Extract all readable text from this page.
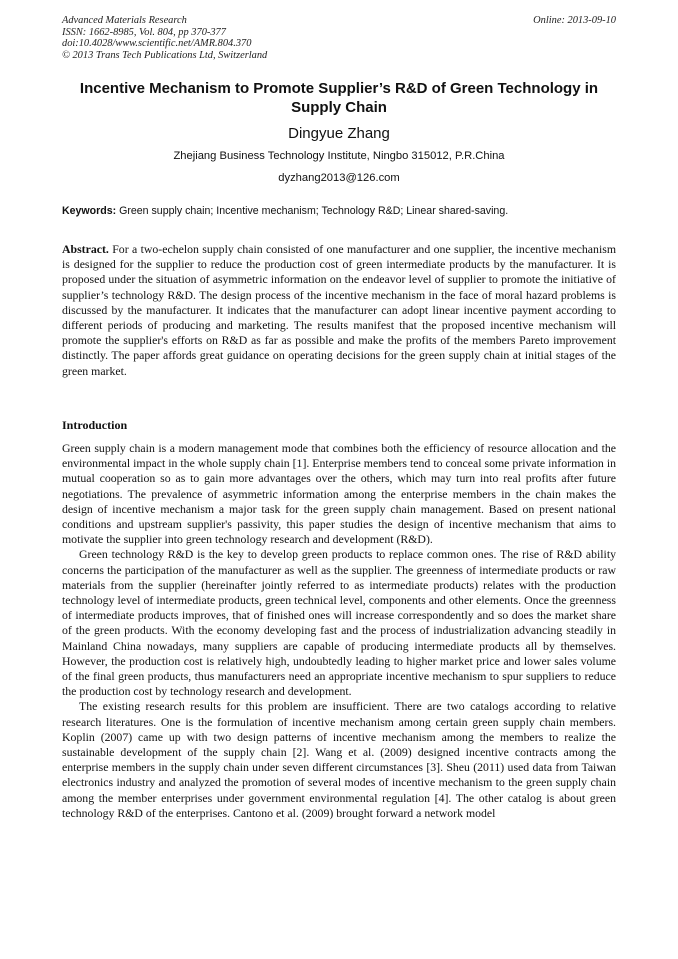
Advanced Materials Research
ISSN: 1662-8985, Vol. 804, pp 370-377
doi:10.4028/www.scientific.net/AMR.804.370
© 2013 Trans Tech Publications Ltd, Switzerland
Online: 2013-09-10
Incentive Mechanism to Promote Supplier’s R&D of Green Technology in Supply Chain
Dingyue Zhang
Zhejiang Business Technology Institute, Ningbo 315012, P.R.China
dyzhang2013@126.com
Keywords: Green supply chain; Incentive mechanism; Technology R&D; Linear shared-saving.

Abstract. For a two-echelon supply chain consisted of one manufacturer and one supplier, the incentive mechanism is designed for the supplier to reduce the production cost of green intermediate products by the manufacturer. It is proposed under the situation of asymmetric information on the endeavor level of supplier to promote the initiative of supplier’s technology R&D. The design process of the incentive mechanism in the face of moral hazard problems is discussed by the manufacturer. It indicates that the manufacturer can adopt linear incentive payment according to different periods of producing and marketing. The results manifest that the proposed incentive mechanism will promote the supplier's efforts on R&D as far as possible and make the profits of the members Pareto improvement distinctly. The paper affords great guidance on operating decisions for the green supply chain at initial stages of the green market.

Introduction

Green supply chain is a modern management mode that combines both the efficiency of resource allocation and the environmental impact in the whole supply chain [1]. Enterprise members tend to conceal some private information in mutual cooperation so as to gain more advantages over the others, which may turn into real profits after future negotiations. The prevalence of asymmetric information among the enterprise members in the chain makes the design of incentive mechanism a major task for the green supply chain management. Based on present national conditions and upstream supplier's passivity, this paper studies the design of incentive mechanism that aims to motivate the supplier into green technology research and development (R&D).

Green technology R&D is the key to develop green products to replace common ones. The rise of R&D ability concerns the participation of the manufacturer as well as the supplier. The greenness of intermediate products or raw materials from the supplier (hereinafter jointly referred to as intermediate products) relates with the production technology level of intermediate products, green technical level, components and other elements. Once the greenness of intermediate products improves, that of finished ones will increase correspondently and so does the market share of the green products. With the economy developing fast and the process of industrialization advancing steadily in Mainland China nowadays, many suppliers are capable of producing intermediate products all by themselves. However, the production cost is relatively high, undoubtedly leading to higher market price and lower sales volume of the final green products, thus manufacturers need an appropriate incentive mechanism to spur suppliers to reduce the production cost by technology research and development.

The existing research results for this problem are insufficient. There are two catalogs according to relative research literatures. One is the formulation of incentive mechanism among certain green supply chain members. Koplin (2007) came up with two design patterns of incentive mechanism among the members to realize the sustainable development of the supply chain [2]. Wang et al. (2009) designed incentive contracts among the enterprise members in the supply chain under seven different circumstances [3]. Sheu (2011) used data from Taiwan electronics industry and analyzed the promotion of several modes of incentive mechanism to the green supply chain among the member enterprises under government environmental regulation [4]. The other catalog is about green technology R&D of the enterprises. Cantono et al. (2009) brought forward a network model
